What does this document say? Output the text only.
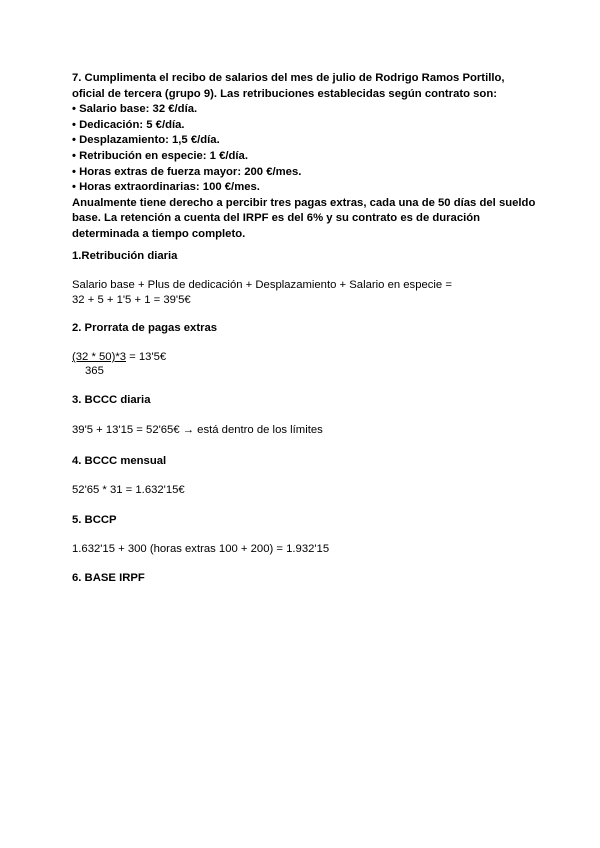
7. Cumplimenta el recibo de salarios del mes de julio de Rodrigo Ramos Portillo,
oficial de tercera (grupo 9). Las retribuciones establecidas según contrato son:
• Salario base: 32 €/día.
• Dedicación: 5 €/día.
• Desplazamiento: 1,5 €/día.
• Retribución en especie: 1 €/día.
• Horas extras de fuerza mayor: 200 €/mes.
• Horas extraordinarias: 100 €/mes.
Anualmente tiene derecho a percibir tres pagas extras, cada una de 50 días del sueldo
base. La retención a cuenta del IRPF es del 6% y su contrato es de duración
determinada a tiempo completo.
1.Retribución diaria

Salario base + Plus de dedicación + Desplazamiento + Salario en especie =

32 + 5 + 1'5 + 1 = 39'5€

2. Prorrata de pagas extras

(32 * 50)*3 = 13'5€

365

3. BCCC diaria

39'5 + 13'15 = 52'65€ → está dentro de los límites

4. BCCC mensual

52'65 * 31 = 1.632'15€

5. BCCP

1.632'15 + 300 (horas extras 100 + 200) = 1.932'15

6. BASE IRPF
